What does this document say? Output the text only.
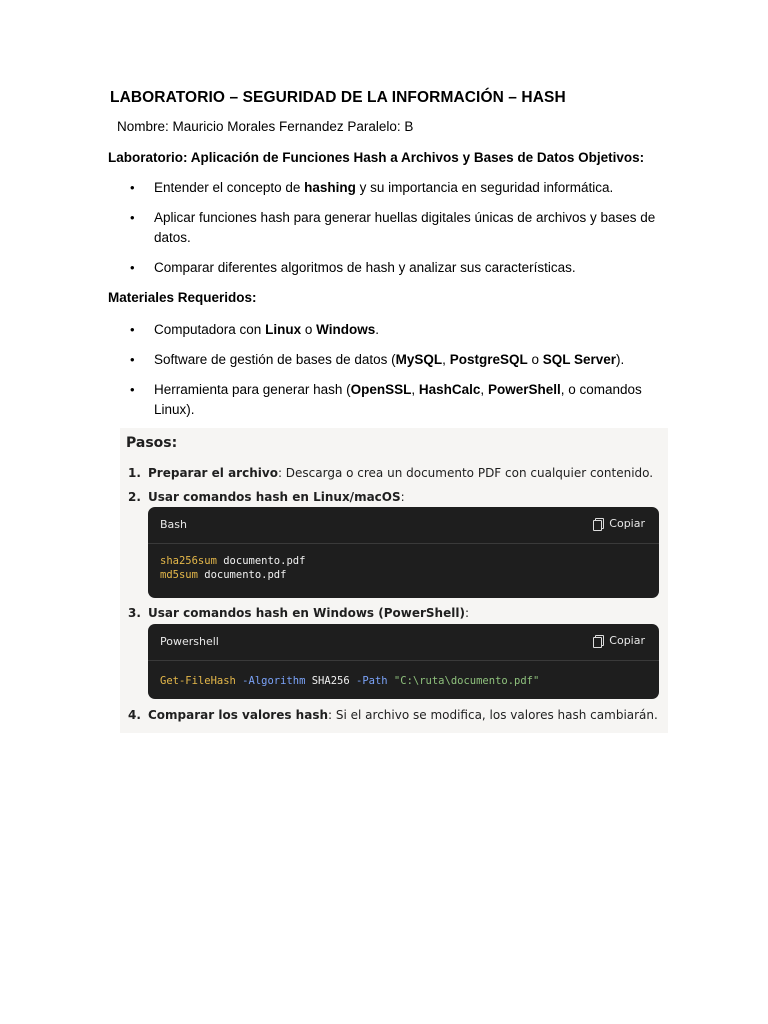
LABORATORIO – SEGURIDAD DE LA INFORMACIÓN – HASH
Nombre: Mauricio Morales Fernandez Paralelo: B
Laboratorio: Aplicación de Funciones Hash a Archivos y Bases de Datos Objetivos:
• Entender el concepto de hashing y su importancia en seguridad informática.
• Aplicar funciones hash para generar huellas digitales únicas de archivos y bases de datos.
• Comparar diferentes algoritmos de hash y analizar sus características.
Materiales Requeridos:
• Computadora con Linux o Windows.
• Software de gestión de bases de datos (MySQL, PostgreSQL o SQL Server).
• Herramienta para generar hash (OpenSSL, HashCalc, PowerShell, o comandos Linux).
Pasos:
1. Preparar el archivo: Descarga o crea un documento PDF con cualquier contenido.
2. Usar comandos hash en Linux/macOS:
Bash	Copiar
sha256sum documento.pdf
md5sum documento.pdf
3. Usar comandos hash en Windows (PowerShell):
Powershell	Copiar
Get-FileHash -Algorithm SHA256 -Path "C:\ruta\documento.pdf"
4. Comparar los valores hash: Si el archivo se modifica, los valores hash cambiarán.
